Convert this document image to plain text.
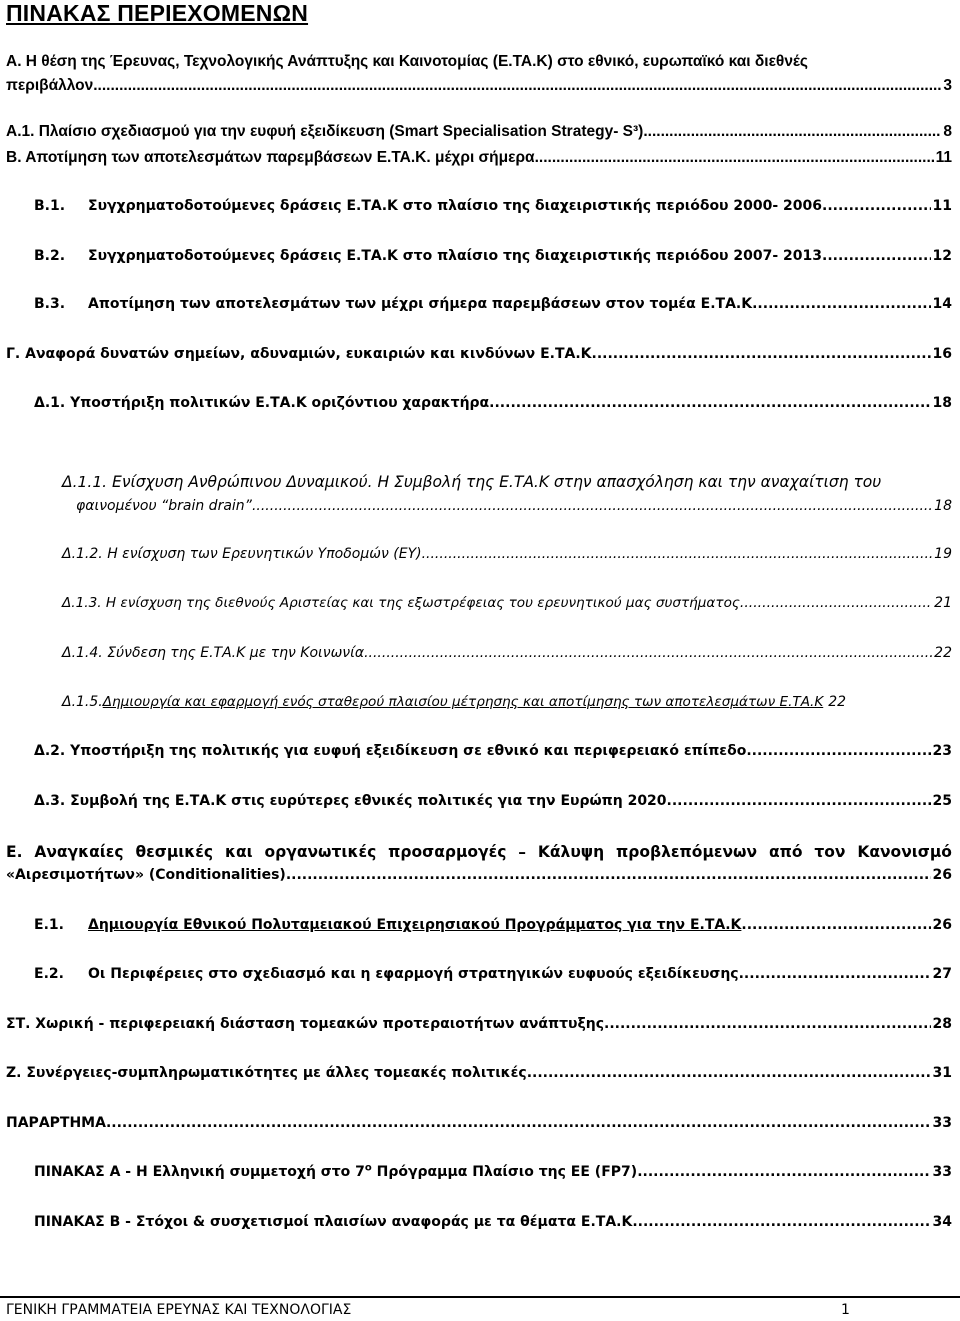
ΠΙΝΑΚΑΣ ΠΕΡΙΕΧΟΜΕΝΩΝ
Α. Η θέση της Έρευνας, Τεχνολογικής Ανάπτυξης και Καινοτομίας (Ε.ΤΑ.Κ) στο εθνικό, ευρωπαϊκό και διεθνές
περιβάλλον .....	3
Α.1. Πλαίσιο σχεδιασμού για την ευφυή εξειδίκευση (Smart Specialisation Strategy- S³) .....	8
Β. Αποτίμηση των αποτελεσμάτων παρεμβάσεων Ε.ΤΑ.Κ. μέχρι σήμερα .....	11
Β.1.	Συγχρηματοδοτούμενες δράσεις Ε.ΤΑ.Κ στο πλαίσιο της διαχειριστικής περιόδου 2000- 2006. .....	11
Β.2.	Συγχρηματοδοτούμενες δράσεις Ε.ΤΑ.Κ στο πλαίσιο της διαχειριστικής περιόδου 2007- 2013. .....	12
Β.3.	Αποτίμηση των αποτελεσμάτων των μέχρι σήμερα παρεμβάσεων στον τομέα Ε.ΤΑ.Κ .....	14
Γ. Αναφορά δυνατών σημείων, αδυναμιών, ευκαιριών και κινδύνων Ε.ΤΑ.Κ .....	16
Δ.1. Υποστήριξη πολιτικών Ε.ΤΑ.Κ οριζόντιου χαρακτήρα .....	18
Δ.1.1. Ενίσχυση Ανθρώπινου Δυναμικού. Η Συμβολή της Ε.ΤΑ.Κ στην απασχόληση και την αναχαίτιση του
φαινομένου “brain drain” .....	18
Δ.1.2. Η ενίσχυση των Ερευνητικών Υποδομών (ΕΥ) .....	19
Δ.1.3. Η ενίσχυση της διεθνούς Αριστείας και της εξωστρέφειας του ερευνητικού μας συστήματος .....	21
Δ.1.4. Σύνδεση της Ε.ΤΑ.Κ με την Κοινωνία .....	22
Δ.1.5. Δημιουργία και εφαρμογή ενός σταθερού πλαισίου μέτρησης και αποτίμησης των αποτελεσμάτων Ε.ΤΑ.Κ 22
Δ.2. Υποστήριξη της πολιτικής για ευφυή εξειδίκευση σε εθνικό και περιφερειακό επίπεδο .....	23
Δ.3. Συμβολή της Ε.ΤΑ.Κ στις ευρύτερες εθνικές πολιτικές για την Ευρώπη 2020 .....	25
Ε. Αναγκαίες θεσμικές και οργανωτικές προσαρμογές – Κάλυψη προβλεπόμενων από τον Κανονισμό
«Αιρεσιμοτήτων» (Conditionalities) .....	26
Ε.1.	Δημιουργία Εθνικού Πολυταμειακού Επιχειρησιακού Προγράμματος για την Ε.ΤΑ.Κ .....	26
Ε.2.	Οι Περιφέρειες στο σχεδιασμό και η εφαρμογή στρατηγικών ευφυούς εξειδίκευσης .....	27
ΣΤ. Χωρική - περιφερειακή διάσταση τομεακών προτεραιοτήτων ανάπτυξης .....	28
Ζ. Συνέργειες-συμπληρωματικότητες με άλλες τομεακές πολιτικές .....	31
ΠΑΡΑΡΤΗΜΑ .....	33
ΠΙΝΑΚΑΣ Α - Η Ελληνική συμμετοχή στο $7^o$ Πρόγραμμα Πλαίσιο της ΕΕ (FP7) .....	33
ΠΙΝΑΚΑΣ Β - Στόχοι & συσχετισμοί πλαισίων αναφοράς με τα θέματα Ε.ΤΑ.Κ .....	34
ΓΕΝΙΚΗ ΓΡΑΜΜΑΤΕΙΑ ΕΡΕΥΝΑΣ ΚΑΙ ΤΕΧΝΟΛΟΓΙΑΣ	1
